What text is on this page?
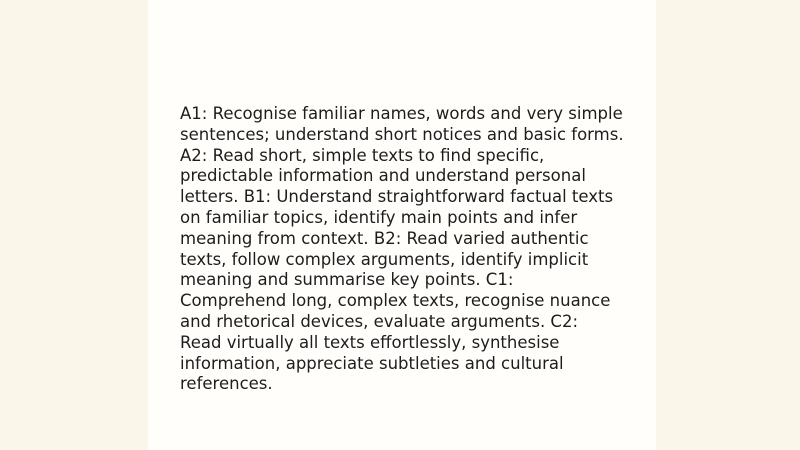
A1: Recognise familiar names, words and very simple sentences; understand short notices and basic forms. A2: Read short, simple texts to find specific, predictable information and understand personal letters. B1: Understand straightforward factual texts on familiar topics, identify main points and infer meaning from context. B2: Read varied authentic texts, follow complex arguments, identify implicit meaning and summarise key points. C1: Comprehend long, complex texts, recognise nuance and rhetorical devices, evaluate arguments. C2: Read virtually all texts effortlessly, synthesise information, appreciate subtleties and cultural references.
